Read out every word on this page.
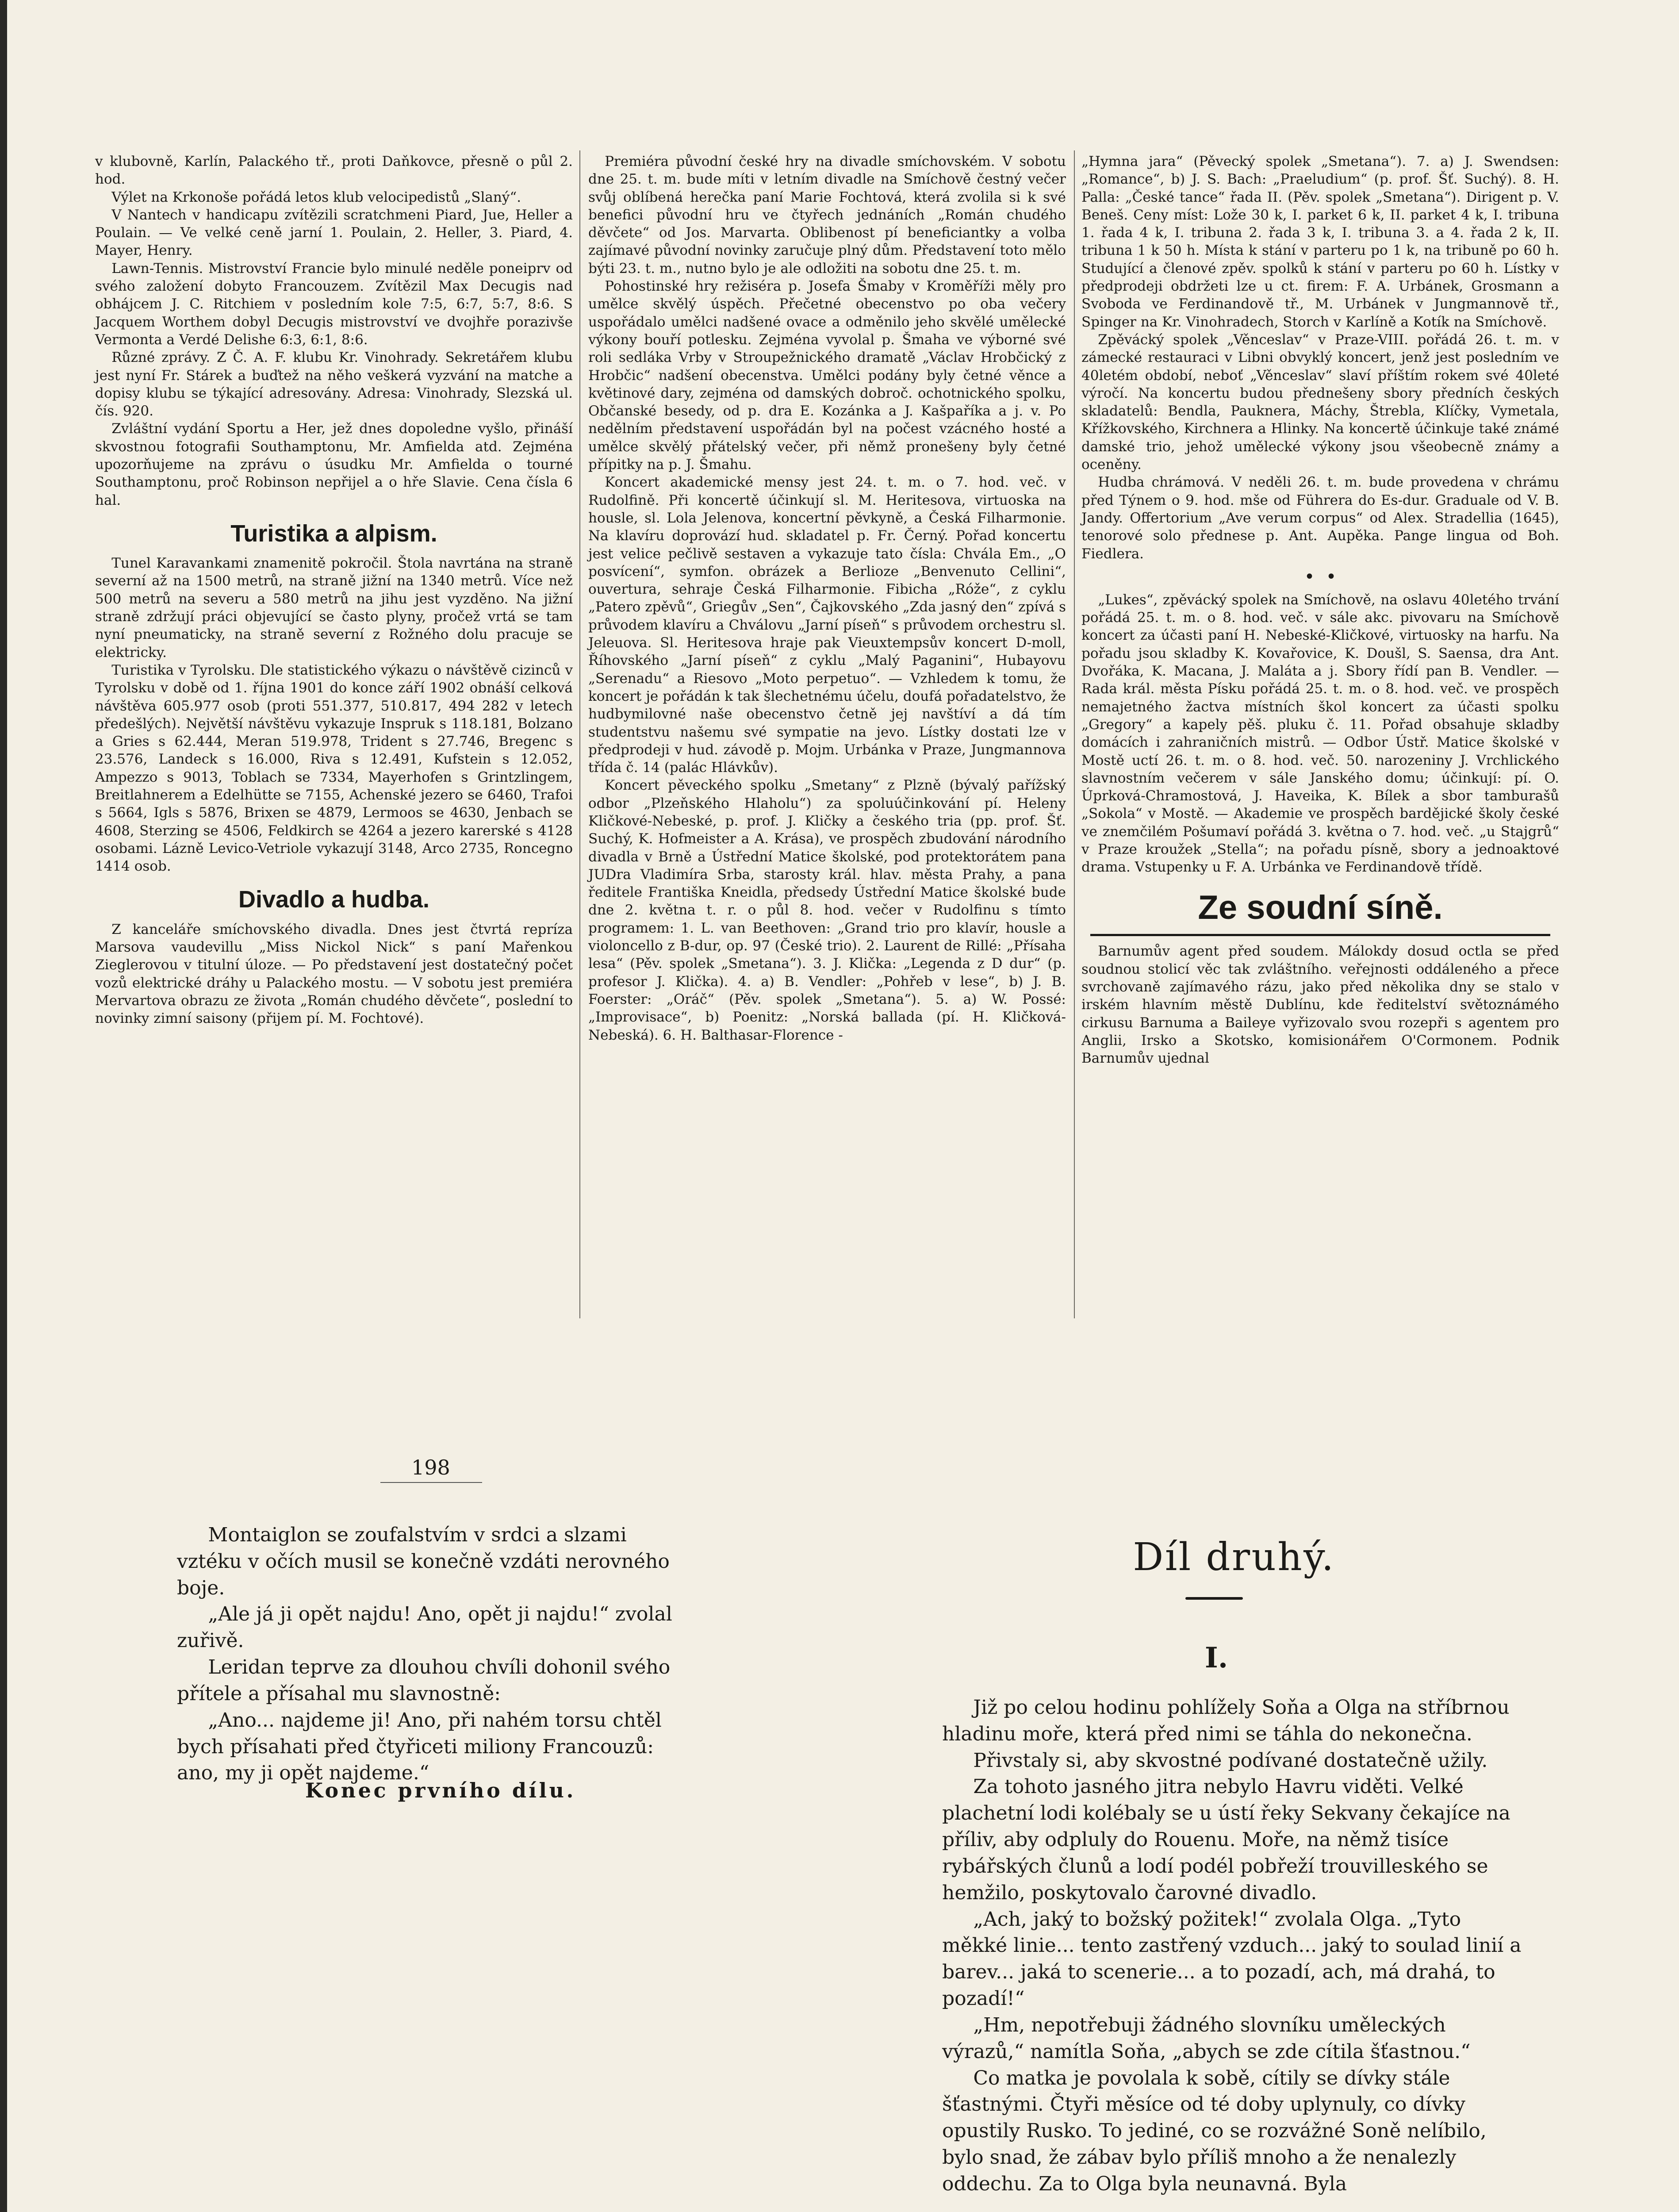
v klubovně, Karlín, Palackého tř., proti Daňkovce, přesně o půl 2. hod.

Výlet na Krkonoše pořádá letos klub velocipedistů „Slaný“.

V Nantech v handicapu zvítězili scratchmeni Piard, Jue, Heller a Poulain. — Ve velké ceně jarní 1. Poulain, 2. Heller, 3. Piard, 4. Mayer, Henry.

Lawn-Tennis. Mistrovství Francie bylo minulé neděle poneiprv od svého založení dobyto Francouzem. Zvítězil Max Decugis nad obhájcem J. C. Ritchiem v posledním kole 7:5, 6:7, 5:7, 8:6. S Jacquem Worthem dobyl Decugis mistrovství ve dvojhře porazivše Vermonta a Verdé Delishe 6:3, 6:1, 8:6.

Různé zprávy. Z Č. A. F. klubu Kr. Vinohrady. Sekretářem klubu jest nyní Fr. Stárek a buďtež na něho veškerá vyzvání na matche a dopisy klubu se týkající adresovány. Adresa: Vinohrady, Slezská ul. čís. 920.

Zvláštní vydání Sportu a Her, jež dnes dopoledne vyšlo, přináší skvostnou fotografii Southamptonu, Mr. Amfielda atd. Zejména upozorňujeme na zprávu o úsudku Mr. Amfielda o tourné Southamptonu, proč Robinson nepřijel a o hře Slavie. Cena čísla 6 hal.

Turistika a alpism.

Tunel Karavankami znamenitě pokročil. Štola navrtána na straně severní až na 1500 metrů, na straně jižní na 1340 metrů. Více než 500 metrů na severu a 580 metrů na jihu jest vyzděno. Na jižní straně zdržují práci objevující se často plyny, pročež vrtá se tam nyní pneumaticky, na straně severní z Rožného dolu pracuje se elektricky.

Turistika v Tyrolsku. Dle statistického výkazu o návštěvě cizinců v Tyrolsku v době od 1. října 1901 do konce září 1902 obnáší celková návštěva 605.977 osob (proti 551.377, 510.817, 494 282 v letech předešlých). Největší návštěvu vykazuje Inspruk s 118.181, Bolzano a Gries s 62.444, Meran 519.978, Trident s 27.746, Bregenc s 23.576, Landeck s 16.000, Riva s 12.491, Kufstein s 12.052, Ampezzo s 9013, Toblach se 7334, Mayerhofen s Grintzlingem, Breitlahnerem a Edelhütte se 7155, Achenské jezero se 6460, Trafoi s 5664, Igls s 5876, Brixen se 4879, Lermoos se 4630, Jenbach se 4608, Sterzing se 4506, Feldkirch se 4264 a jezero karerské s 4128 osobami. Lázně Levico-Vetriole vykazují 3148, Arco 2735, Roncegno 1414 osob.

Divadlo a hudba.

Z kanceláře smíchovského divadla. Dnes jest čtvrtá repríza Marsova vaudevillu „Miss Nickol Nick“ s paní Mařenkou Zieglerovou v titulní úloze. — Po představení jest dostatečný počet vozů elektrické dráhy u Palackého mostu. — V sobotu jest premiéra Mervartova obrazu ze života „Román chudého děvčete“, poslední to novinky zimní saisony (přijem pí. M. Fochtové).

Premiéra původní české hry na divadle smíchovském. V sobotu dne 25. t. m. bude míti v letním divadle na Smíchově čestný večer svůj oblíbená herečka paní Marie Fochtová, která zvolila si k své benefici původní hru ve čtyřech jednáních „Román chudého děvčete“ od Jos. Marvarta. Oblibenost pí beneficiantky a volba zajímavé původní novinky zaručuje plný dům. Představení toto mělo býti 23. t. m., nutno bylo je ale odložiti na sobotu dne 25. t. m.

Pohostinské hry režiséra p. Josefa Šmaby v Kroměříži měly pro umělce skvělý úspěch. Přečetné obecenstvo po oba večery uspořádalo umělci nadšené ovace a odměnilo jeho skvělé umělecké výkony bouří potlesku. Zejména vyvolal p. Šmaha ve výborné své roli sedláka Vrby v Stroupežnického dramatě „Václav Hrobčický z Hrobčic“ nadšení obecenstva. Umělci podány byly četné věnce a květinové dary, zejména od damských dobroč. ochotnického spolku, Občanské besedy, od p. dra E. Kozánka a J. Kašpaříka a j. v. Po nedělním představení uspořádán byl na počest vzácného hosté a umělce skvělý přátelský večer, při němž pronešeny byly četné přípitky na p. J. Šmahu.

Koncert akademické mensy jest 24. t. m. o 7. hod. več. v Rudolfině. Při koncertě účinkují sl. M. Heritesova, virtuoska na housle, sl. Lola Jelenova, koncertní pěvkyně, a Česká Filharmonie. Na klavíru doprovází hud. skladatel p. Fr. Černý. Pořad koncertu jest velice pečlivě sestaven a vykazuje tato čísla: Chvála Em., „O posvícení“, symfon. obrázek a Berlioze „Benvenuto Cellini“, ouvertura, sehraje Česká Filharmonie. Fibicha „Róže“, z cyklu „Patero zpěvů“, Griegův „Sen“, Čajkovského „Zda jasný den“ zpívá s průvodem klavíru a Chválovu „Jarní píseň“ s průvodem orchestru sl. Jeleuova. Sl. Heritesova hraje pak Vieuxtempsův koncert D-moll, Říhovského „Jarní píseň“ z cyklu „Malý Paganini“, Hubayovu „Serenadu“ a Riesovo „Moto perpetuo“. — Vzhledem k tomu, že koncert je pořádán k tak šlechetnému účelu, doufá pořadatelstvo, že hudbymilovné naše obecenstvo četně jej navštíví a dá tím studentstvu našemu své sympatie na jevo. Lístky dostati lze v předprodeji v hud. závodě p. Mojm. Urbánka v Praze, Jungmannova třída č. 14 (palác Hlávkův).

Koncert pěveckého spolku „Smetany“ z Plzně (bývalý pařížský odbor „Plzeňského Hlaholu“) za spoluúčinkování pí. Heleny Kličkové-Nebeské, p. prof. J. Kličky a českého tria (pp. prof. Šť. Suchý, K. Hofmeister a A. Krása), ve prospěch zbudování národního divadla v Brně a Ústřední Matice školské, pod protektorátem pana JUDra Vladimíra Srba, starosty král. hlav. města Prahy, a pana ředitele Františka Kneidla, předsedy Ústřední Matice školské bude dne 2. května t. r. o půl 8. hod. večer v Rudolfinu s tímto programem: 1. L. van Beethoven: „Grand trio pro klavír, housle a violoncello z B-dur, op. 97 (České trio). 2. Laurent de Rillé: „Přísaha lesa“ (Pěv. spolek „Smetana“). 3. J. Klička: „Legenda z D dur“ (p. profesor J. Klička). 4. a) B. Vendler: „Pohřeb v lese“, b) J. B. Foerster: „Oráč“ (Pěv. spolek „Smetana“). 5. a) W. Possé: „Improvisace“, b) Poenitz: „Norská ballada (pí. H. Kličková-Nebeská). 6. H. Balthasar-Florence -

„Hymna jara“ (Pěvecký spolek „Smetana“). 7. a) J. Swendsen: „Romance“, b) J. S. Bach: „Praeludium“ (p. prof. Šť. Suchý). 8. H. Palla: „České tance“ řada II. (Pěv. spolek „Smetana“). Dirigent p. V. Beneš. Ceny míst: Lože 30 k, I. parket 6 k, II. parket 4 k, I. tribuna 1. řada 4 k, I. tribuna 2. řada 3 k, I. tribuna 3. a 4. řada 2 k, II. tribuna 1 k 50 h. Místa k stání v parteru po 1 k, na tribuně po 60 h. Studující a členové zpěv. spolků k stání v parteru po 60 h. Lístky v předprodeji obdržeti lze u ct. firem: F. A. Urbánek, Grosmann a Svoboda ve Ferdinandově tř., M. Urbánek v Jungmannově tř., Spinger na Kr. Vinohradech, Storch v Karlíně a Kotík na Smíchově.

Zpěvácký spolek „Věnceslav“ v Praze-VIII. pořádá 26. t. m. v zámecké restauraci v Libni obvyklý koncert, jenž jest posledním ve 40letém období, neboť „Věnceslav“ slaví příštím rokem své 40leté výročí. Na koncertu budou přednešeny sbory předních českých skladatelů: Bendla, Pauknera, Máchy, Štrebla, Klíčky, Vymetala, Křížkovského, Kirchnera a Hlinky. Na koncertě účinkuje také známé damské trio, jehož umělecké výkony jsou všeobecně známy a oceněny.

Hudba chrámová. V neděli 26. t. m. bude provedena v chrámu před Týnem o 9. hod. mše od Führera do Es-dur. Graduale od V. B. Jandy. Offertorium „Ave verum corpus“ od Alex. Stradellia (1645), tenorové solo přednese p. Ant. Aupěka. Pange lingua od Boh. Fiedlera.

•  •

„Lukes“, zpěvácký spolek na Smíchově, na oslavu 40letého trvání pořádá 25. t. m. o 8. hod. več. v sále akc. pivovaru na Smíchově koncert za účasti paní H. Nebeské-Kličkové, virtuosky na harfu. Na pořadu jsou skladby K. Kovařovice, K. Doušl, S. Saensa, dra Ant. Dvořáka, K. Macana, J. Maláta a j. Sbory řídí pan B. Vendler. — Rada král. města Písku pořádá 25. t. m. o 8. hod. več. ve prospěch nemajetného žactva místních škol koncert za účasti spolku „Gregory“ a kapely pěš. pluku č. 11. Pořad obsahuje skladby domácích i zahraničních mistrů. — Odbor Ústř. Matice školské v Mostě uctí 26. t. m. o 8. hod. več. 50. narozeniny J. Vrchlického slavnostním večerem v sále Janského domu; účinkují: pí. O. Úprková-Chramostová, J. Haveika, K. Bílek a sbor tamburašů „Sokola“ v Mostě. — Akademie ve prospěch bardějické školy české ve znemčilém Pošumaví pořádá 3. května o 7. hod. več. „u Stajgrů“ v Praze kroužek „Stella“; na pořadu písně, sbory a jednoaktové drama. Vstupenky u F. A. Urbánka ve Ferdinandově třídě.

Ze soudní síně.

Barnumův agent před soudem. Málokdy dosud octla se před soudnou stolicí věc tak zvláštního. veřejnosti oddáleného a přece svrchovaně zajímavého rázu, jako před několika dny se stalo v irském hlavním městě Dublínu, kde ředitelství světoznámého cirkusu Barnuma a Baileye vyřizovalo svou rozepři s agentem pro Anglii, Irsko a Skotsko, komisionářem O'Cormonem. Podnik Barnumův ujednal

198

Montaiglon se zoufalstvím v srdci a slzami vztéku v očích musil se konečně vzdáti nerovného boje.

„Ale já ji opět najdu! Ano, opět ji najdu!“ zvolal zuřivě.

Leridan teprve za dlouhou chvíli dohonil svého přítele a přísahal mu slavnostně:

„Ano... najdeme ji! Ano, při nahém torsu chtěl bych přísahati před čtyřiceti miliony Francouzů: ano, my ji opět najdeme.“

Konec prvního dílu.
Díl druhý.
I.

Již po celou hodinu pohlížely Soňa a Olga na stříbrnou hladinu moře, která před nimi se táhla do nekonečna.

Přivstaly si, aby skvostné podívané dostatečně užily.

Za tohoto jasného jitra nebylo Havru viděti. Velké plachetní lodi kolébaly se u ústí řeky Sekvany čekajíce na příliv, aby odpluly do Rouenu. Moře, na němž tisíce rybářských člunů a lodí podél pobřeží trouvilleského se hemžilo, poskytovalo čarovné divadlo.

„Ach, jaký to božský požitek!“ zvolala Olga. „Tyto měkké linie... tento zastřený vzduch... jaký to soulad linií a barev... jaká to scenerie... a to pozadí, ach, má drahá, to pozadí!“

„Hm, nepotřebuji žádného slovníku uměleckých výrazů,“ namítla Soňa, „abych se zde cítila šťastnou.“

Co matka je povolala k sobě, cítily se dívky stále šťastnými. Čtyři měsíce od té doby uplynuly, co dívky opustily Rusko. To jediné, co se rozvážné Soně nelíbilo, bylo snad, že zábav bylo příliš mnoho a že nenalezly oddechu. Za to Olga byla neunavná. Byla
